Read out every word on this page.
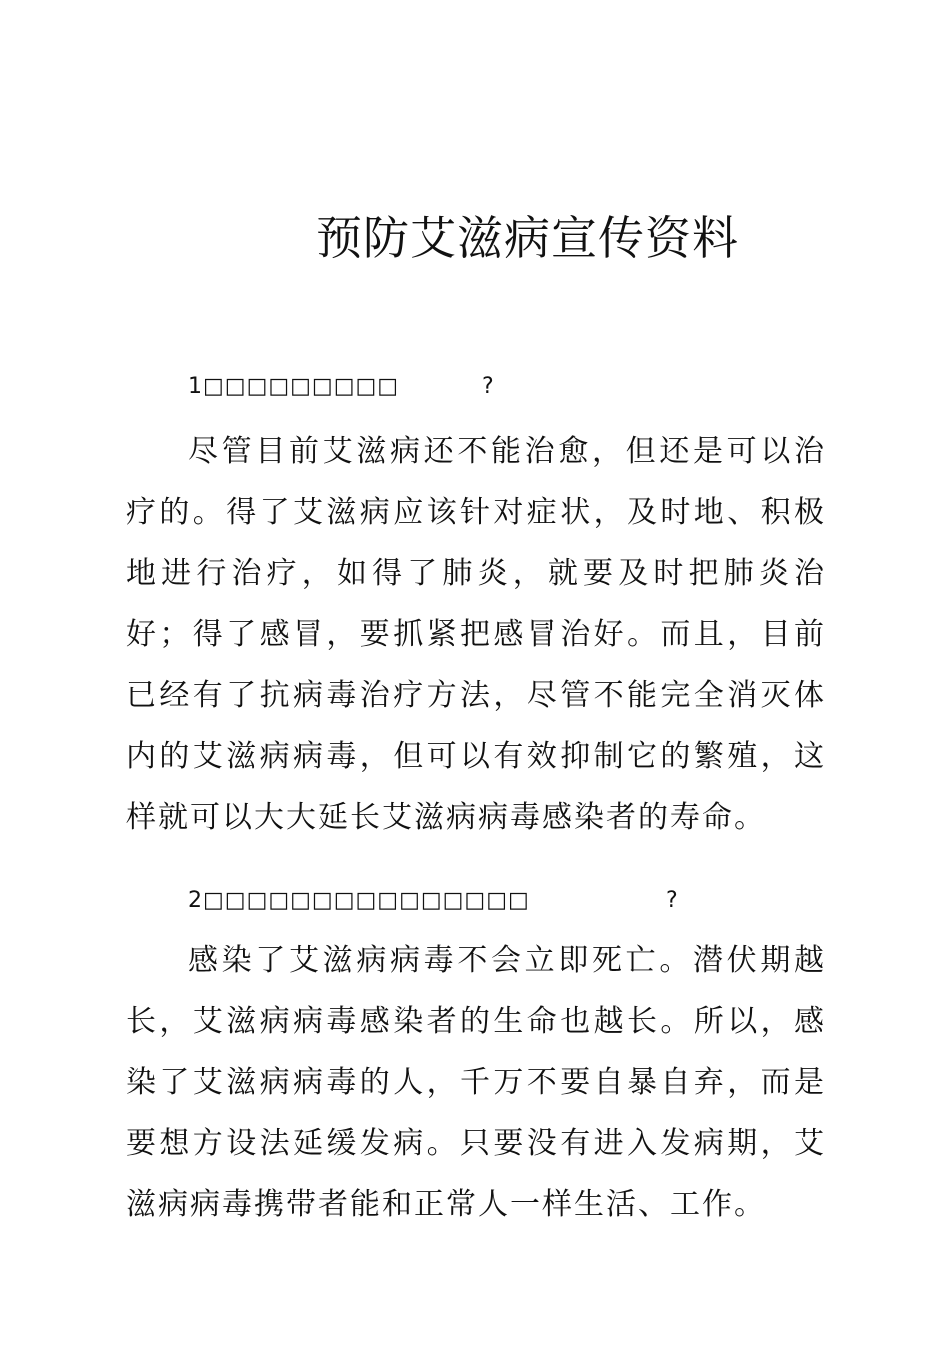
预防艾滋病宣传资料
1□□□□□□□□□	?

尽管目前艾滋病还不能治愈，但还是可以治疗的。得了艾滋病应该针对症状，及时地、积极地进行治疗，如得了肺炎，就要及时把肺炎治好；得了感冒，要抓紧把感冒治好。而且，目前已经有了抗病毒治疗方法，尽管不能完全消灭体内的艾滋病病毒，但可以有效抑制它的繁殖，这样就可以大大延长艾滋病病毒感染者的寿命。

2□□□□□□□□□□□□□□□	?

感染了艾滋病病毒不会立即死亡。潜伏期越长，艾滋病病毒感染者的生命也越长。所以，感染了艾滋病病毒的人，千万不要自暴自弃，而是要想方设法延缓发病。只要没有进入发病期，艾滋病病毒携带者能和正常人一样生活、工作。
